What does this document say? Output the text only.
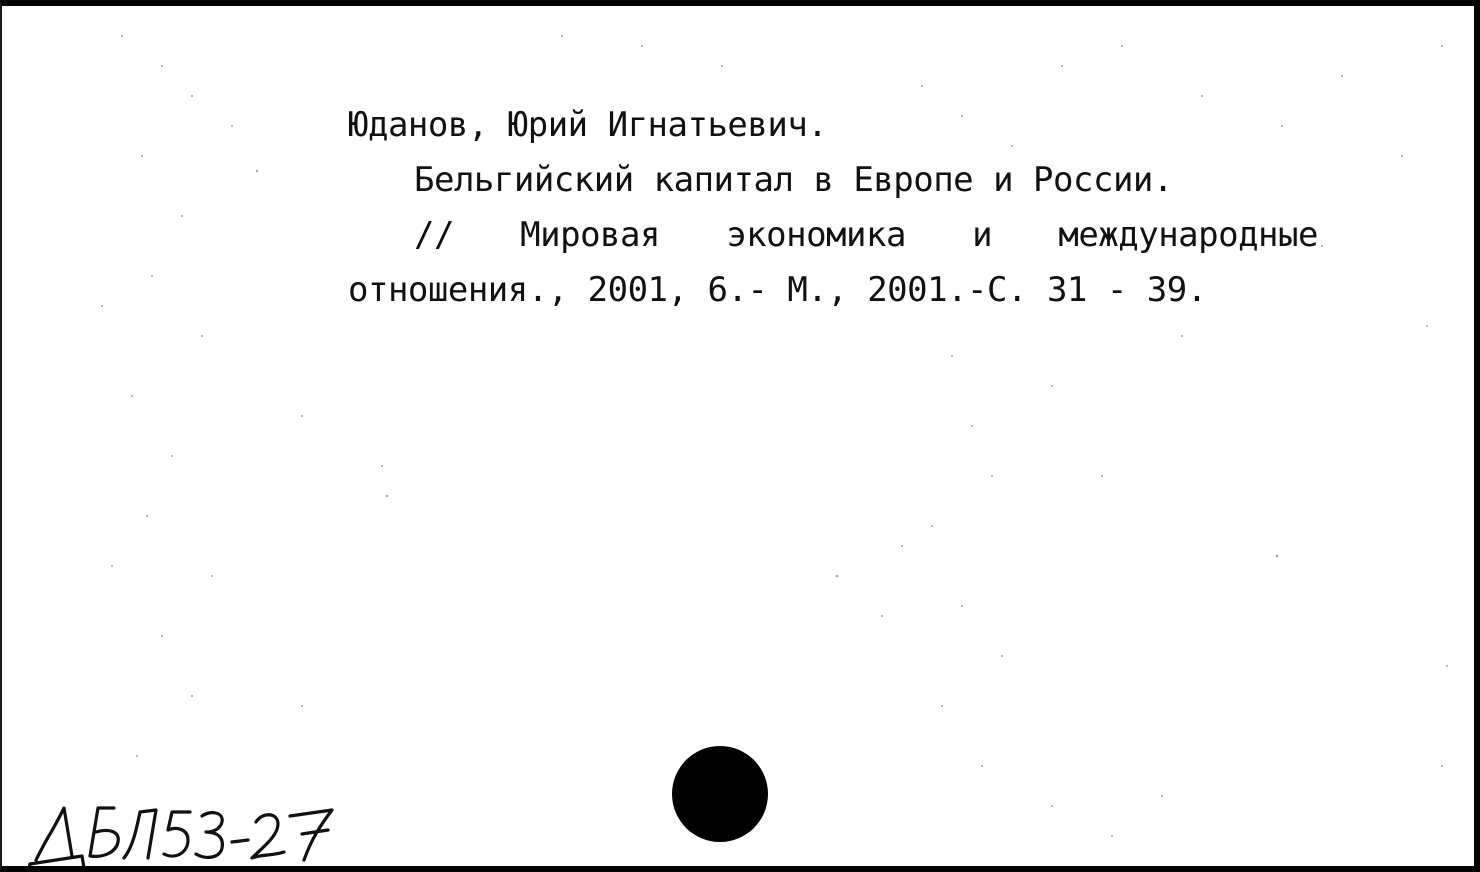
Юданов, Юрий Игнатьевич.
Бельгийский капитал в Европе и России.
// Мировая экономика и международные
отношения., 2001, 6.- М., 2001.-С. 31 - 39.
